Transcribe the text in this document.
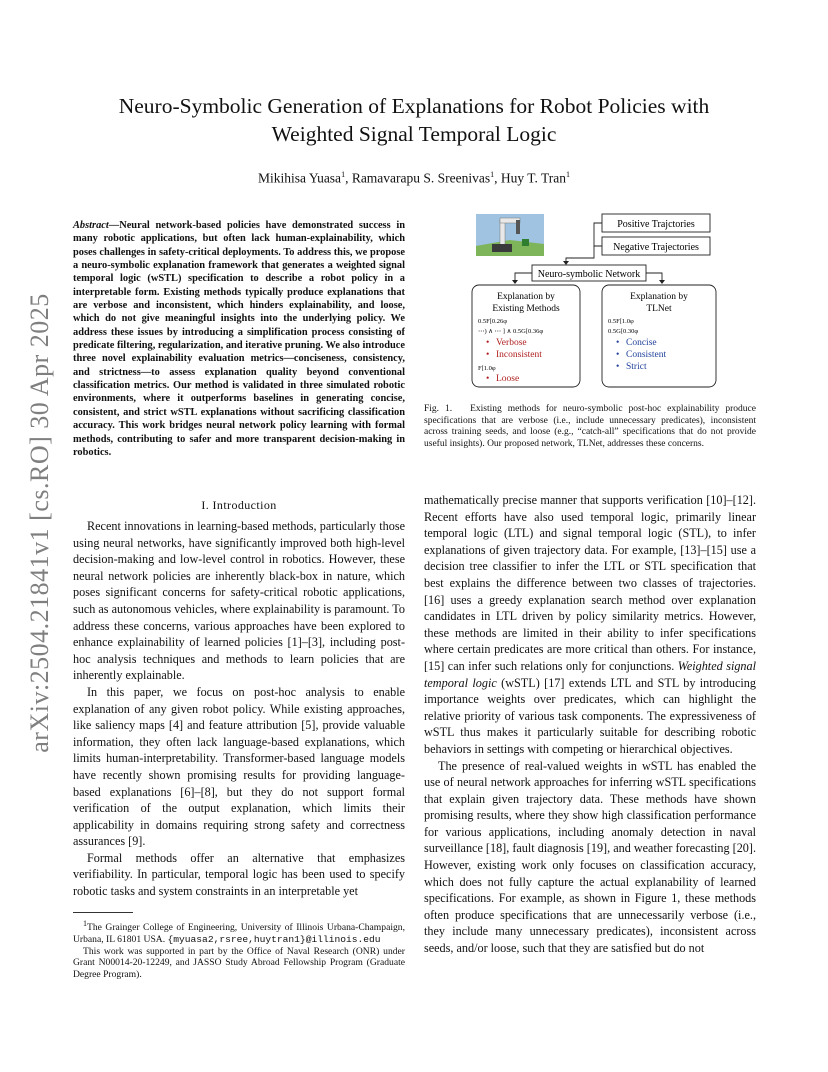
arXiv:2504.21841v1 [cs.RO] 30 Apr 2025
Neuro-Symbolic Generation of Explanations for Robot Policies with Weighted Signal Temporal Logic
Mikihisa Yuasa$^1$, Ramavarapu S. Sreenivas$^1$, Huy T. Tran$^1$
Abstract—Neural network-based policies have demonstrated success in many robotic applications, but often lack human-explainability, which poses challenges in safety-critical deployments. To address this, we propose a neuro-symbolic explanation framework that generates a weighted signal temporal logic (wSTL) specification to describe a robot policy in a interpretable form. Existing methods typically produce explanations that are verbose and inconsistent, which hinders explainability, and loose, which do not give meaningful insights into the underlying policy. We address these issues by introducing a simplification process consisting of predicate filtering, regularization, and iterative pruning. We also introduce three novel explainability evaluation metrics—conciseness, consistency, and strictness—to assess explanation quality beyond conventional classification metrics. Our method is validated in three simulated robotic environments, where it outperforms baselines in generating concise, consistent, and strict wSTL explanations without sacrificing classification accuracy. This work bridges neural network policy learning with formal methods, contributing to safer and more transparent decision-making in robotics.
I. Introduction

Recent innovations in learning-based methods, particularly those using neural networks, have significantly improved both high-level decision-making and low-level control in robotics. However, these neural network policies are inherently black-box in nature, which poses significant concerns for safety-critical robotic applications, such as autonomous vehicles, where explainability is paramount. To address these concerns, various approaches have been explored to enhance explainability of learned policies [1]–[3], including post-hoc analysis techniques and methods to learn policies that are inherently explainable.

In this paper, we focus on post-hoc analysis to enable explanation of any given robot policy. While existing approaches, like saliency maps [4] and feature attribution [5], provide valuable information, they often lack language-based explanations, which limits human-interpretability. Transformer-based language models have recently shown promising results for providing language-based explanations [6]–[8], but they do not support formal verification of the output explanation, which limits their applicability in domains requiring strong safety and correctness assurances [9].

Formal methods offer an alternative that emphasizes verifiability. In particular, temporal logic has been used to specify robotic tasks and system constraints in an interpretable yet

$^1$The Grainger College of Engineering, University of Illinois Urbana-Champaign, Urbana, IL 61801 USA. {myuasa2,rsree,huytran1}@illinois.edu

This work was supported in part by the Office of Naval Research (ONR) under Grant N00014-20-12249, and JASSO Study Abroad Fellowship Program (Graduate Degree Program).

Positive Trajctories
Negative Trajectories
Neuro-symbolic Network
Explanation by
Existing Methods
0.5F[0.26φ
⋯) ∧ ⋯ ] ∧ 0.5G[0.36φ
• Verbose
• Inconsistent
F[1.0φ
• Loose
Explanation by
TLNet
0.5F[1.0φ
0.5G[0.30φ
• Concise
• Consistent
• Strict
Fig. 1. Existing methods for neuro-symbolic post-hoc explainability produce specifications that are verbose (i.e., include unnecessary predicates), inconsistent across training seeds, and loose (e.g., “catch-all” specifications that do not provide useful insights). Our proposed network, TLNet, addresses these concerns.

mathematically precise manner that supports verification [10]–[12]. Recent efforts have also used temporal logic, primarily linear temporal logic (LTL) and signal temporal logic (STL), to infer explanations of given trajectory data. For example, [13]–[15] use a decision tree classifier to infer the LTL or STL specification that best explains the difference between two classes of trajectories. [16] uses a greedy explanation search method over explanation candidates in LTL driven by policy similarity metrics. However, these methods are limited in their ability to infer specifications where certain predicates are more critical than others. For instance, [15] can infer such relations only for conjunctions. Weighted signal temporal logic (wSTL) [17] extends LTL and STL by introducing importance weights over predicates, which can highlight the relative priority of various task components. The expressiveness of wSTL thus makes it particularly suitable for describing robotic behaviors in settings with competing or hierarchical objectives.

The presence of real-valued weights in wSTL has enabled the use of neural network approaches for inferring wSTL specifications that explain given trajectory data. These methods have shown promising results, where they show high classification performance for various applications, including anomaly detection in naval surveillance [18], fault diagnosis [19], and weather forecasting [20]. However, existing work only focuses on classification accuracy, which does not fully capture the actual explanability of learned specifications. For example, as shown in Figure 1, these methods often produce specifications that are unnecessarily verbose (i.e., they include many unnecessary predicates), inconsistent across seeds, and/or loose, such that they are satisfied but do not
